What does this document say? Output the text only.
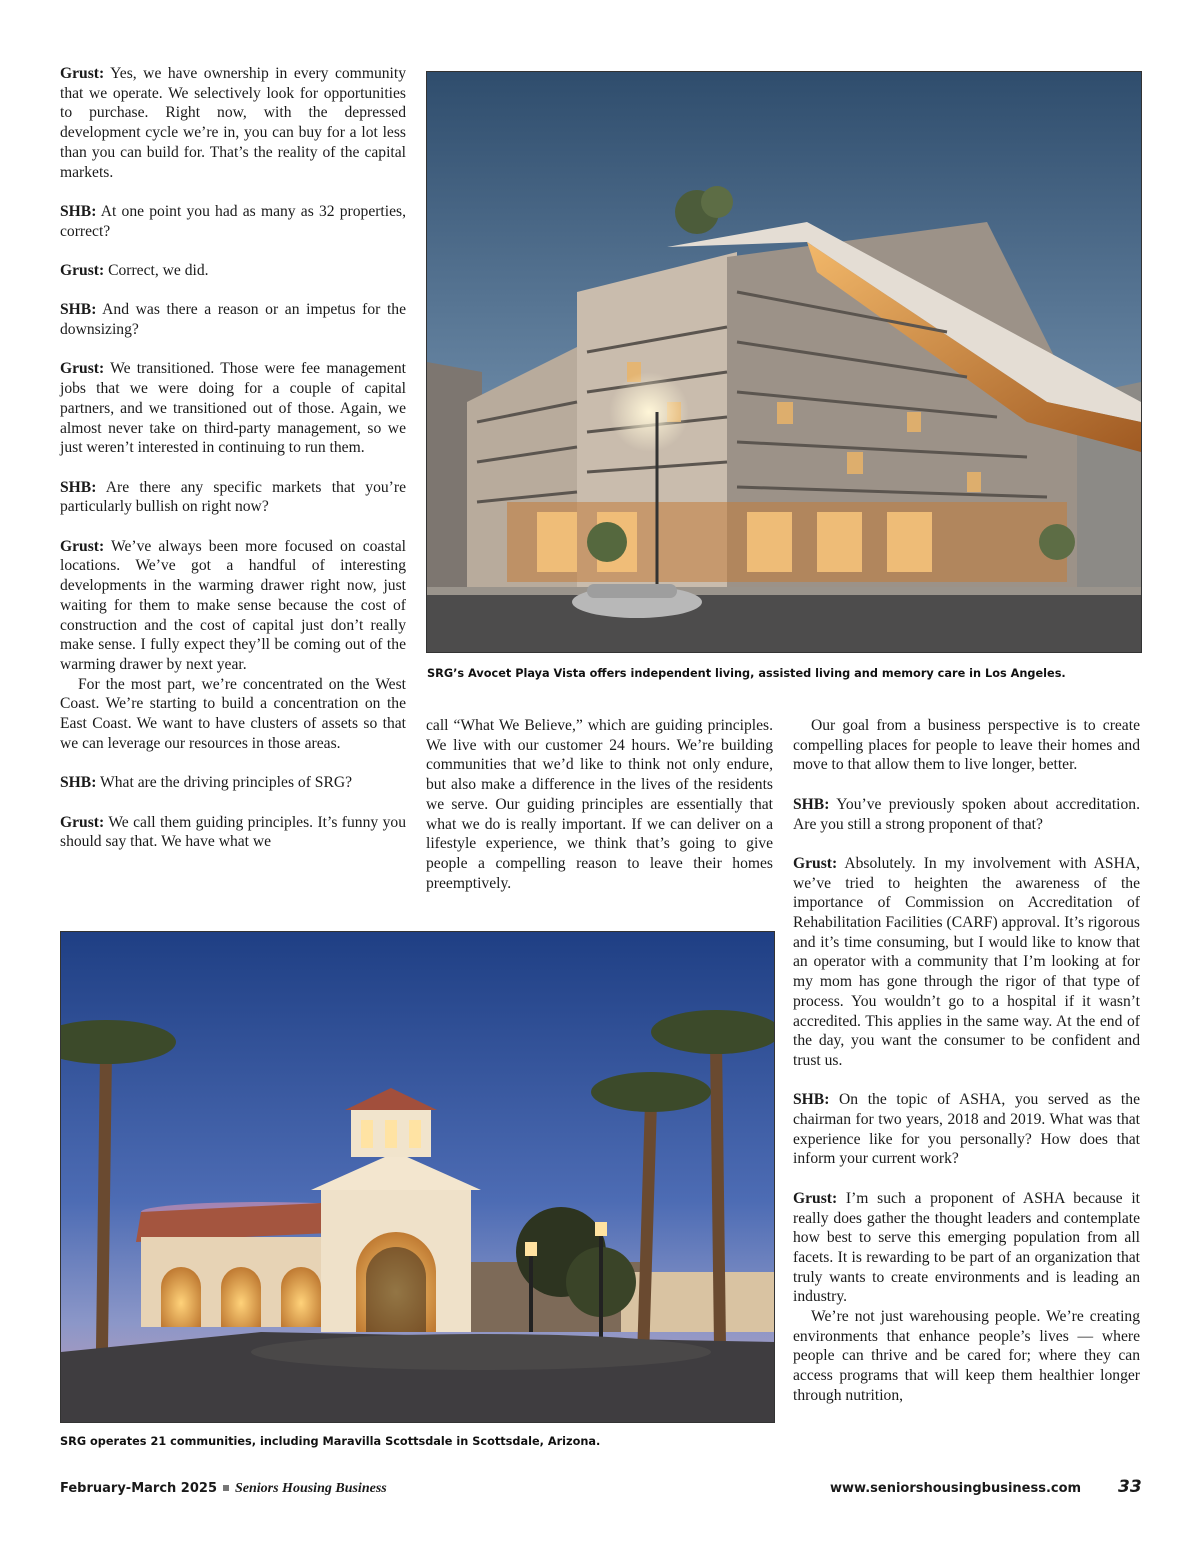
Grust: Yes, we have ownership in every community that we operate. We selectively look for opportunities to purchase. Right now, with the depressed development cycle we’re in, you can buy for a lot less than you can build for. That’s the reality of the capital markets.

SHB: At one point you had as many as 32 properties, correct?

Grust: Correct, we did.

SHB: And was there a reason or an impetus for the downsizing?

Grust: We transitioned. Those were fee management jobs that we were doing for a couple of capital partners, and we transitioned out of those. Again, we almost never take on third-party management, so we just weren’t interested in continuing to run them.

SHB: Are there any specific markets that you’re particularly bullish on right now?

Grust: We’ve always been more focused on coastal locations. We’ve got a handful of interesting developments in the warming drawer right now, just waiting for them to make sense because the cost of construction and the cost of capital just don’t really make sense. I fully expect they’ll be coming out of the warming drawer by next year.

For the most part, we’re concentrated on the West Coast. We’re starting to build a concentration on the East Coast. We want to have clusters of assets so that we can leverage our resources in those areas.

SHB: What are the driving principles of SRG?

Grust: We call them guiding principles. It’s funny you should say that. We have what we

SRG’s Avocet Playa Vista offers independent living, assisted living and memory care in Los Angeles.

call “What We Believe,” which are guiding principles. We live with our customer 24 hours. We’re building communities that we’d like to think not only endure, but also make a difference in the lives of the residents we serve. Our guiding principles are essentially that what we do is really important. If we can deliver on a lifestyle experience, we think that’s going to give people a compelling reason to leave their homes preemptively.

Our goal from a business perspective is to create compelling places for people to leave their homes and move to that allow them to live longer, better.

SHB: You’ve previously spoken about accreditation. Are you still a strong proponent of that?

Grust: Absolutely. In my involvement with ASHA, we’ve tried to heighten the awareness of the importance of Commission on Accreditation of Rehabilitation Facilities (CARF) approval. It’s rigorous and it’s time consuming, but I would like to know that an operator with a community that I’m looking at for my mom has gone through the rigor of that type of process. You wouldn’t go to a hospital if it wasn’t accredited. This applies in the same way. At the end of the day, you want the consumer to be confident and trust us.

SHB: On the topic of ASHA, you served as the chairman for two years, 2018 and 2019. What was that experience like for you personally? How does that inform your current work?

Grust: I’m such a proponent of ASHA because it really does gather the thought leaders and contemplate how best to serve this emerging population from all facets. It is rewarding to be part of an organization that truly wants to create environments and is leading an industry.

We’re not just warehousing people. We’re creating environments that enhance people’s lives — where people can thrive and be cared for; where they can access programs that will keep them healthier longer through nutrition,

SRG operates 21 communities, including Maravilla Scottsdale in Scottsdale, Arizona.
February-March 2025 Seniors Housing Business	www.seniorshousingbusiness.com 33
